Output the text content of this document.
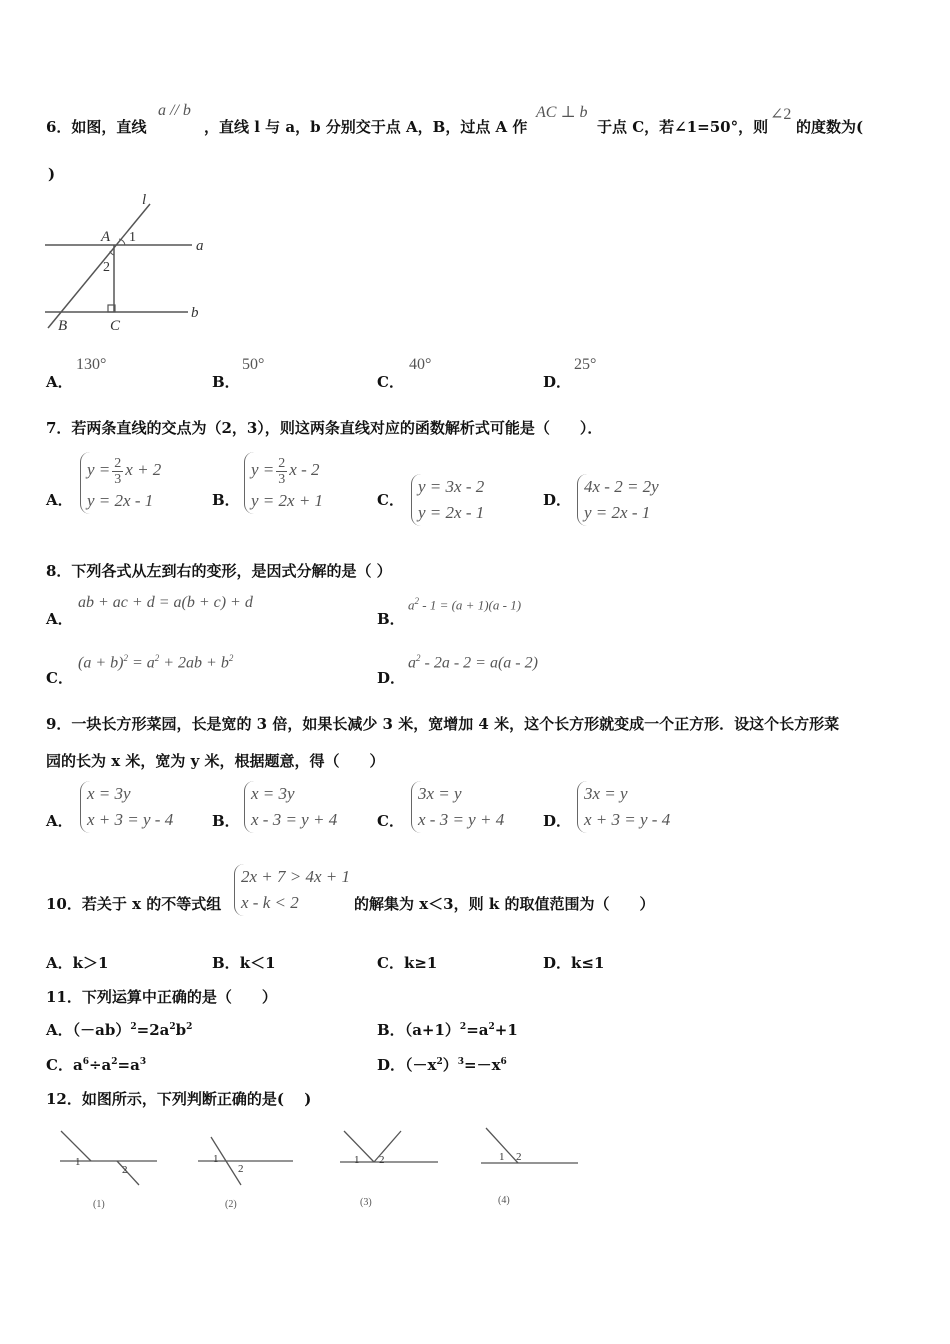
6．如图，直线
a // b
，直线 l 与 a，b 分别交于点 A，B，过点 A 作
AC ⊥ b
于点 C，若∠1=50°，则
∠2
的度数为(
)
l
A 1
a
2
B	C
b
A．
130°
B．
50°
C．
40°
D．
25°
7．若两条直线的交点为（2，3），则这两条直线对应的函数解析式可能是（　　）．
A．
$y = \frac{2}{3}$ x + 2
y = 2x - 1	B．
$y = \frac{2}{3}$ x - 2
y = 2x + 1	C．
y = 3x - 2
y = 2x - 1
D．
4x - 2 = 2y
y = 2x - 1
8．下列各式从左到右的变形，是因式分解的是（ ）
A．
ab + ac + d = a(b + c) + d
B．
$a^2 - 1 = (a + 1)(a - 1)$
C．
$(a + b)^2 = a^2 + 2ab + b^2$
D．
$a^2 - 2a - 2 = a(a - 2)$
9．一块长方形菜园，长是宽的 3 倍，如果长减少 3 米，宽增加 4 米，这个长方形就变成一个正方形．设这个长方形菜
园的长为 x 米，宽为 y 米，根据题意，得（　　）
A．
x = 3y
x + 3 = y - 4	B．
x = 3y
x - 3 = y + 4	C．
3x = y
x - 3 = y + 4	D．
3x = y
x + 3 = y - 4
10．若关于 x 的不等式组
2x + 7 > 4x + 1
x - k < 2	的解集为 x＜3，则 k 的取值范围为（　　）
A．k＞1	B．k＜1	C．k≥1	D．k≤1
11．下列运算中正确的是（　　）
A．$(-ab)^2=2a^2b^2$	B．$(a+1)^2=a^2+1$
C．$a^6\div a^2=a^3$	D．$(-x^2)^3=-x^6$
12．如图所示，下列判断正确的是(　 )
1
2
(1)
1
2
(2)
1 2
(3)
1 2
(4)
